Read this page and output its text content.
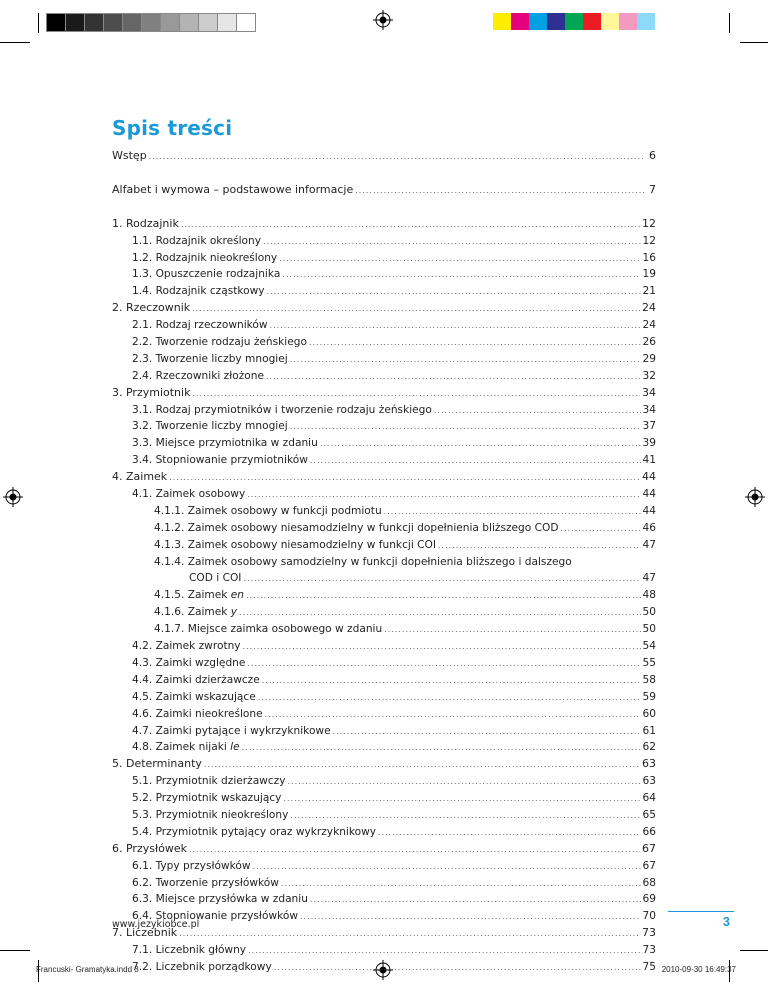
Spis treści
Wstęp .....	6
Alfabet i wymowa – podstawowe informacje .....	7
1. Rodzajnik .....	12
1.1. Rodzajnik określony .....	12
1.2. Rodzajnik nieokreślony .....	16
1.3. Opuszczenie rodzajnika .....	19
1.4. Rodzajnik cząstkowy .....	21
2. Rzeczownik .....	24
2.1. Rodzaj rzeczowników .....	24
2.2. Tworzenie rodzaju żeńskiego .....	26
2.3. Tworzenie liczby mnogiej .....	29
2.4. Rzeczowniki złożone .....	32
3. Przymiotnik .....	34
3.1. Rodzaj przymiotników i tworzenie rodzaju żeńskiego .....	34
3.2. Tworzenie liczby mnogiej .....	37
3.3. Miejsce przymiotnika w zdaniu .....	39
3.4. Stopniowanie przymiotników .....	41
4. Zaimek .....	44
4.1. Zaimek osobowy .....	44
4.1.1. Zaimek osobowy w funkcji podmiotu .....	44
4.1.2. Zaimek osobowy niesamodzielny w funkcji dopełnienia bliższego COD .....	46
4.1.3. Zaimek osobowy niesamodzielny w funkcji COI .....	47
4.1.4. Zaimek osobowy samodzielny w funkcji dopełnienia bliższego i dalszego
COD i COI .....	47
4.1.5. Zaimek en .....	48
4.1.6. Zaimek y .....	50
4.1.7. Miejsce zaimka osobowego w zdaniu .....	50
4.2. Zaimek zwrotny .....	54
4.3. Zaimki względne .....	55
4.4. Zaimki dzierżawcze .....	58
4.5. Zaimki wskazujące .....	59
4.6. Zaimki nieokreślone .....	60
4.7. Zaimki pytające i wykrzyknikowe .....	61
4.8. Zaimek nijaki le .....	62
5. Determinanty .....	63
5.1. Przymiotnik dzierżawczy .....	63
5.2. Przymiotnik wskazujący .....	64
5.3. Przymiotnik nieokreślony .....	65
5.4. Przymiotnik pytający oraz wykrzyknikowy .....	66
6. Przysłówek .....	67
6.1. Typy przysłówków .....	67
6.2. Tworzenie przysłówków .....	68
6.3. Miejsce przysłówka w zdaniu .....	69
6.4. Stopniowanie przysłówków .....	70
7. Liczebnik .....	73
7.1. Liczebnik główny .....	73
7.2. Liczebnik porządkowy .....	75
www.jezykiobce.pl	3
Francuski- Gramatyka.indd 3	2010-09-30 16:49:37
